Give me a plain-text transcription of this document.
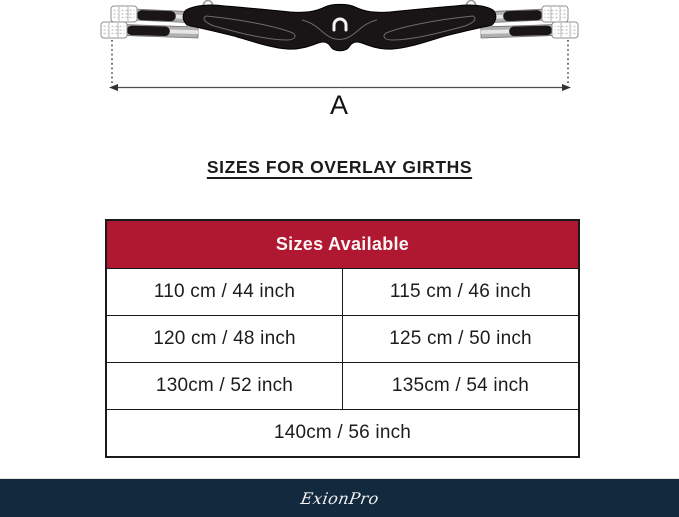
A
SIZES FOR OVERLAY GIRTHS
Sizes Available	
110 cm / 44 inch	115 cm / 46 inch
120 cm / 48 inch	125 cm / 50 inch
130cm / 52 inch	135cm / 54 inch
140cm / 56 inch	
ExionPro
